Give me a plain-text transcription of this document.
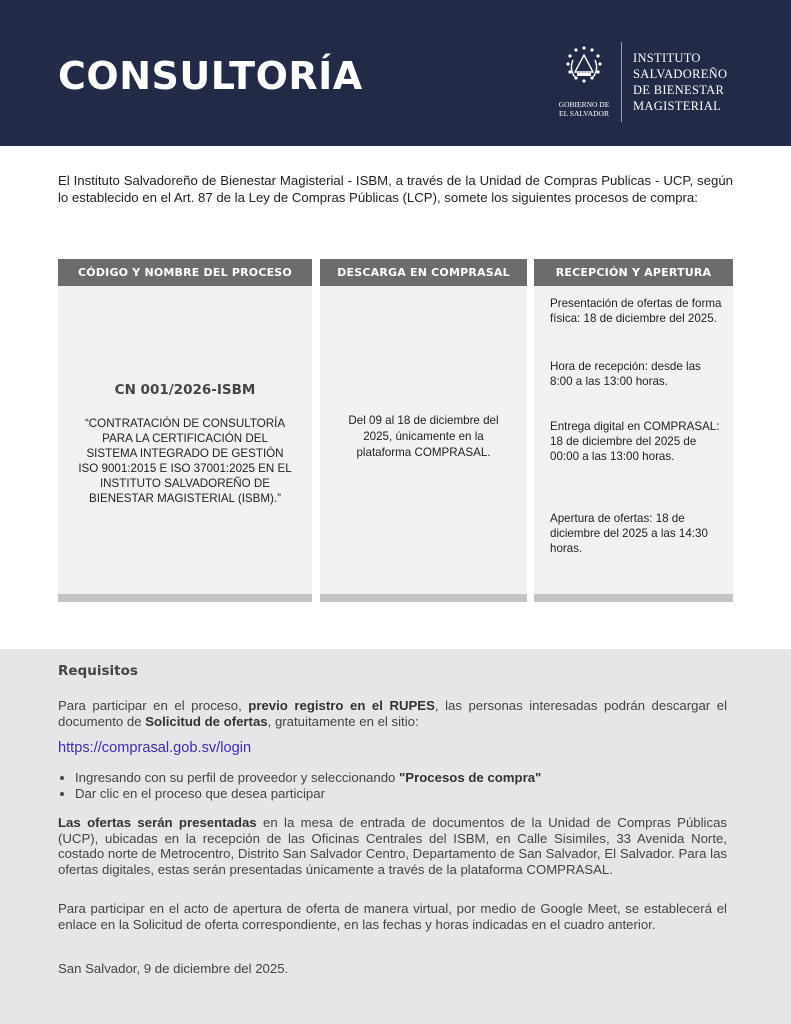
CONSULTORÍA
GOBIERNO DE
EL SALVADOR
INSTITUTO
SALVADOREÑO
DE BIENESTAR
MAGISTERIAL
El Instituto Salvadoreño de Bienestar Magisterial - ISBM, a través de la Unidad de Compras Publicas - UCP, según lo establecido en el Art. 87 de la Ley de Compras Públicas (LCP), somete los siguientes procesos de compra:
CÓDIGO Y NOMBRE DEL PROCESO
CN 001/2026-ISBM
“CONTRATACIÓN DE CONSULTORÍA PARA LA CERTIFICACIÓN DEL SISTEMA INTEGRADO DE GESTIÓN ISO 9001:2015 E ISO 37001:2025 EN EL INSTITUTO SALVADOREÑO DE BIENESTAR MAGISTERIAL (ISBM).”
DESCARGA EN COMPRASAL
Del 09 al 18 de diciembre del 2025, únicamente en la plataforma COMPRASAL.
RECEPCIÓN Y APERTURA
Presentación de ofertas de forma física: 18 de diciembre del 2025.
Hora de recepción: desde las 8:00 a las 13:00 horas.
Entrega digital en COMPRASAL: 18 de diciembre del 2025 de 00:00 a las 13:00 horas.
Apertura de ofertas: 18 de diciembre del 2025 a las 14:30 horas.
Requisitos
Para participar en el proceso, previo registro en el RUPES, las personas interesadas podrán descargar el documento de Solicitud de ofertas, gratuitamente en el sitio:
https://comprasal.gob.sv/login
• Ingresando con su perfil de proveedor y seleccionando "Procesos de compra"
• Dar clic en el proceso que desea participar
Las ofertas serán presentadas en la mesa de entrada de documentos de la Unidad de Compras Públicas (UCP), ubicadas en la recepción de las Oficinas Centrales del ISBM, en Calle Sisimiles, 33 Avenida Norte, costado norte de Metrocentro, Distrito San Salvador Centro, Departamento de San Salvador, El Salvador. Para las ofertas digitales, estas serán presentadas únicamente a través de la plataforma COMPRASAL.
Para participar en el acto de apertura de oferta de manera virtual, por medio de Google Meet, se establecerá el enlace en la Solicitud de oferta correspondiente, en las fechas y horas indicadas en el cuadro anterior.
San Salvador, 9 de diciembre del 2025.
